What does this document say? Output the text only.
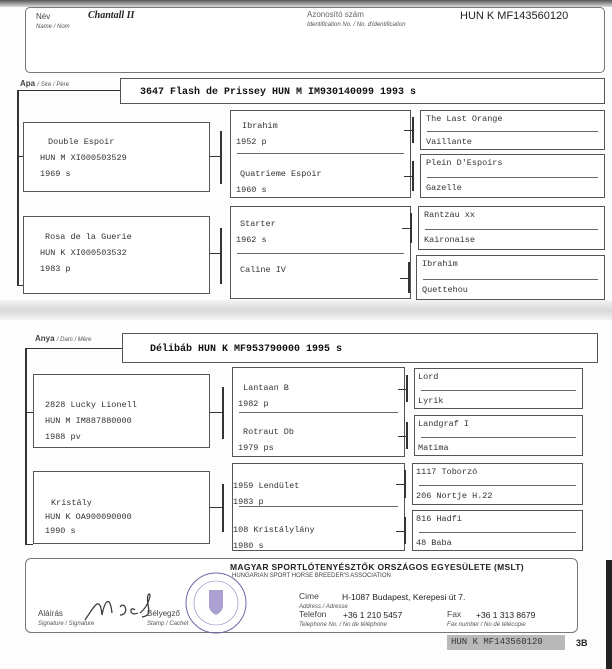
Név
Name / Nom
Chantall II	Azonosító szám
Identification No. / No. d'identification
HUN K MF143560120
Apa / Sire / Père
3647 Flash de Prissey HUN M IM930140099 1993 s
Double Espoir
HUN M XI000503529
1969 s
Rosa de la Guerie
HUN K XI000503532
1983 p
Ibrahim
1952 p
Quatrieme Espoir
1960 s
Starter
1962 s
Caline IV
The Last Orange
Vaillante
Plein D'Espoirs
Gazelle
Rantzau xx
Kaironaise
Ibrahim
Quettehou
Anya / Dam / Mère
Délibáb HUN K MF953790000 1995 s
2828 Lucky Lionell
HUN M IM887880000
1988 pv
Kristály
HUN K OA900090000
1990 s
Lantaan B
1982 p
Rotraut Db
1979 ps
1959 Lendület
1983 p
108 Kristálylány
1980 s
Lord
Lyrik
Landgraf I
Matima
1117 Toborzó
206 Nortje H.22
816 Hadfi
48 Baba
MAGYAR SPORTLÓTENYÉSZTŐK ORSZÁGOS EGYESÜLETE (MSLT)
HUNGARIAN SPORT HORSE BREEDER'S ASSOCIATION
Aláírás
Signature / Signature
Bélyegző
Stamp / Cachet
Cime
Address / Adresse
H-1087 Budapest, Kerepesi út 7.
Telefon
Telephone No. / No de téléphone
+36 1 210 5457	Fax
Fax number / No de télécopie
+36 1 313 8679
HUN K MF143560120	3B
